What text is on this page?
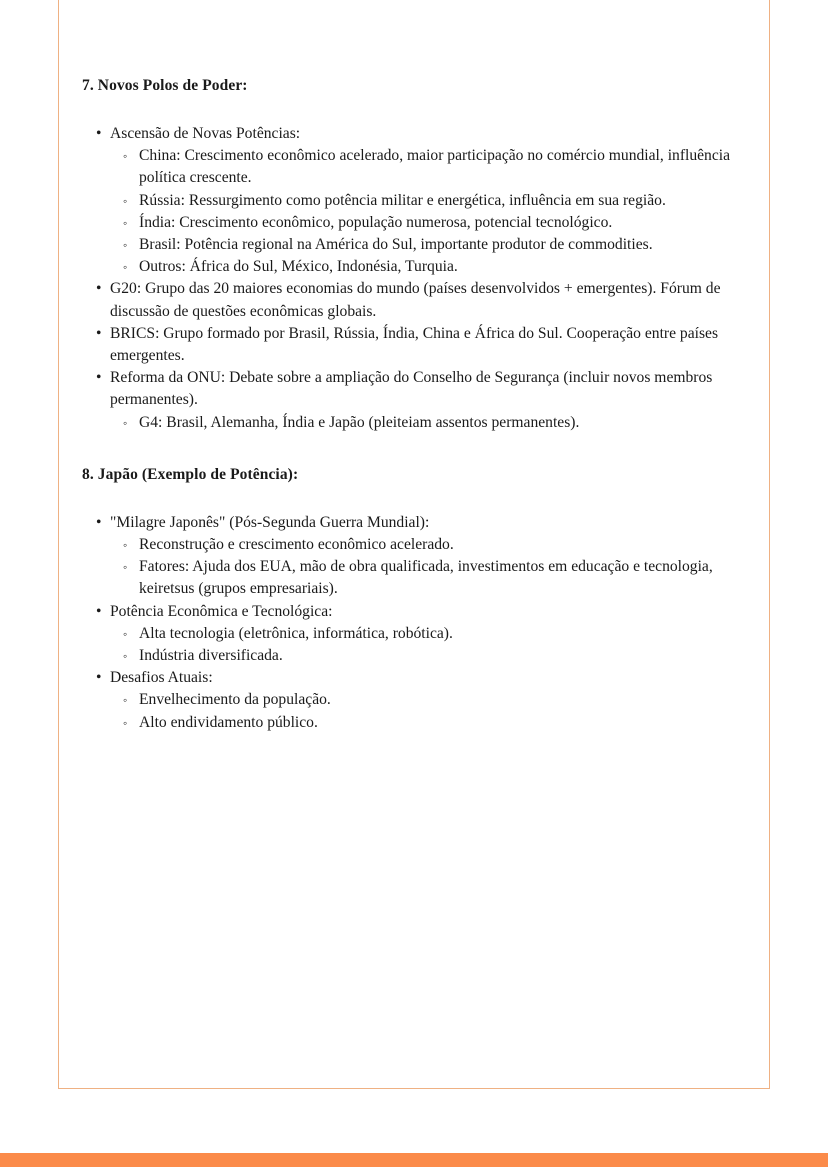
7. Novos Polos de Poder:
• Ascensão de Novas Potências:
◦ China: Crescimento econômico acelerado, maior participação no comércio mundial, influência política crescente.
◦ Rússia: Ressurgimento como potência militar e energética, influência em sua região.
◦ Índia: Crescimento econômico, população numerosa, potencial tecnológico.
◦ Brasil: Potência regional na América do Sul, importante produtor de commodities.
◦ Outros: África do Sul, México, Indonésia, Turquia.
• G20: Grupo das 20 maiores economias do mundo (países desenvolvidos + emergentes). Fórum de discussão de questões econômicas globais.
• BRICS: Grupo formado por Brasil, Rússia, Índia, China e África do Sul. Cooperação entre países emergentes.
• Reforma da ONU: Debate sobre a ampliação do Conselho de Segurança (incluir novos membros permanentes).
◦ G4: Brasil, Alemanha, Índia e Japão (pleiteiam assentos permanentes).
8. Japão (Exemplo de Potência):
• "Milagre Japonês" (Pós-Segunda Guerra Mundial):
◦ Reconstrução e crescimento econômico acelerado.
◦ Fatores: Ajuda dos EUA, mão de obra qualificada, investimentos em educação e tecnologia, keiretsus (grupos empresariais).
• Potência Econômica e Tecnológica:
◦ Alta tecnologia (eletrônica, informática, robótica).
◦ Indústria diversificada.
• Desafios Atuais:
◦ Envelhecimento da população.
◦ Alto endividamento público.
